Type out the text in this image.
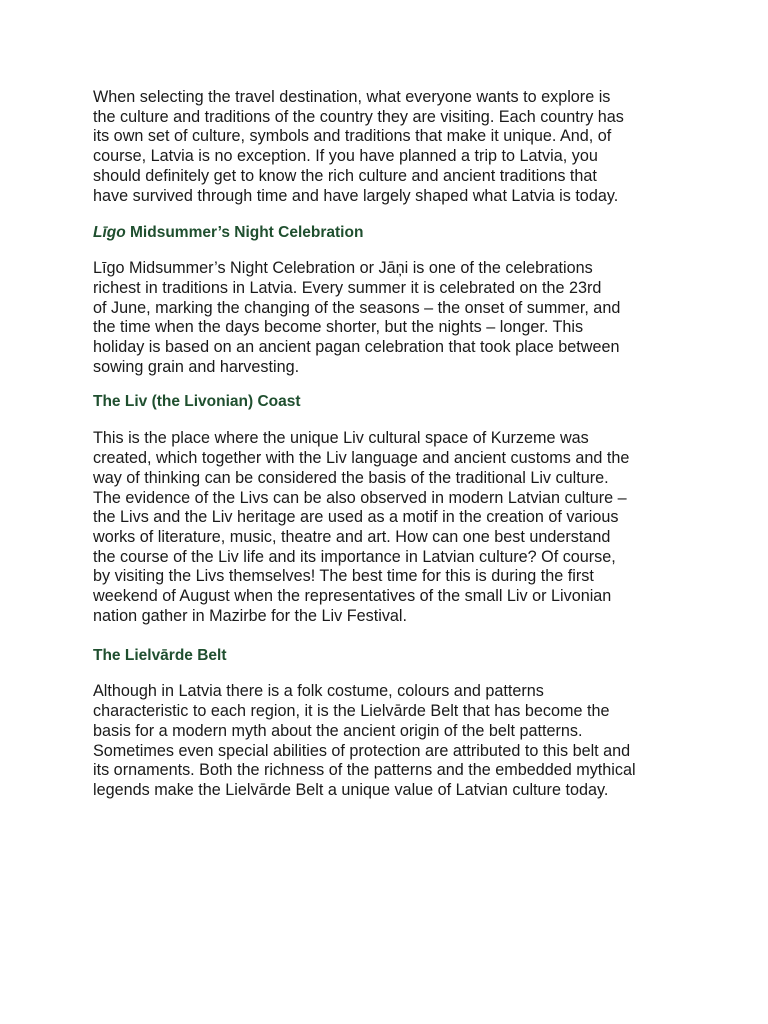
When selecting the travel destination, what everyone wants to explore is
the culture and traditions of the country they are visiting. Each country has
its own set of culture, symbols and traditions that make it unique. And, of
course, Latvia is no exception. If you have planned a trip to Latvia, you
should definitely get to know the rich culture and ancient traditions that
have survived through time and have largely shaped what Latvia is today.

Līgo Midsummer’s Night Celebration

Līgo Midsummer’s Night Celebration or Jāņi is one of the celebrations
richest in traditions in Latvia. Every summer it is celebrated on the 23rd
of June, marking the changing of the seasons – the onset of summer, and
the time when the days become shorter, but the nights – longer. This
holiday is based on an ancient pagan celebration that took place between
sowing grain and harvesting.

The Liv (the Livonian) Coast

This is the place where the unique Liv cultural space of Kurzeme was
created, which together with the Liv language and ancient customs and the
way of thinking can be considered the basis of the traditional Liv culture.
The evidence of the Livs can be also observed in modern Latvian culture –
the Livs and the Liv heritage are used as a motif in the creation of various
works of literature, music, theatre and art. How can one best understand
the course of the Liv life and its importance in Latvian culture? Of course,
by visiting the Livs themselves! The best time for this is during the first
weekend of August when the representatives of the small Liv or Livonian
nation gather in Mazirbe for the Liv Festival.

The Lielvārde Belt

Although in Latvia there is a folk costume, colours and patterns
characteristic to each region, it is the Lielvārde Belt that has become the
basis for a modern myth about the ancient origin of the belt patterns.
Sometimes even special abilities of protection are attributed to this belt and
its ornaments. Both the richness of the patterns and the embedded mythical
legends make the Lielvārde Belt a unique value of Latvian culture today.
